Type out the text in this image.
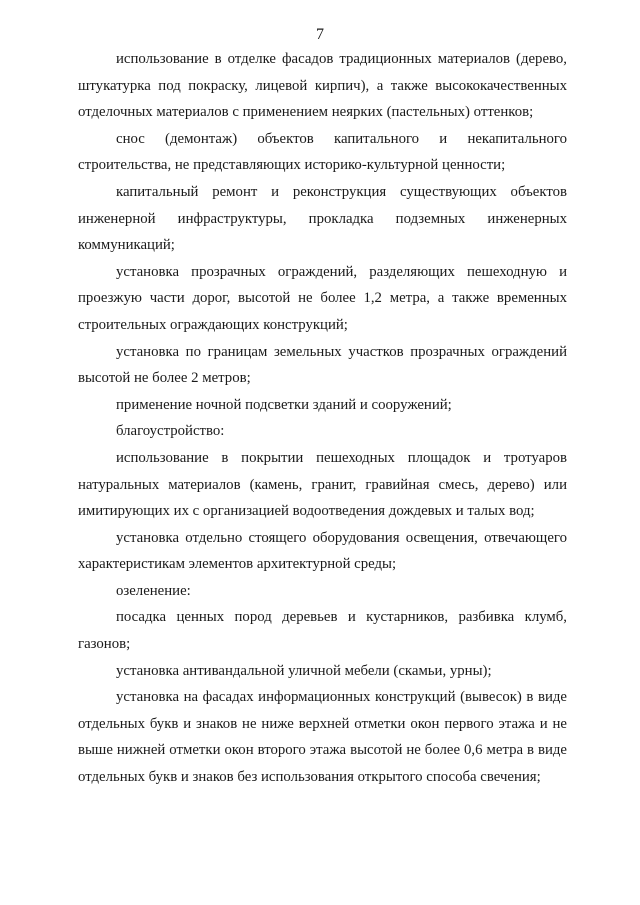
7

использование в отделке фасадов традиционных материалов (дерево, штукатурка под покраску, лицевой кирпич), а также высококачественных отделочных материалов с применением неярких (пастельных) оттенков;

снос (демонтаж) объектов капитального и некапитального строительства, не представляющих историко-культурной ценности;

капитальный ремонт и реконструкция существующих объектов инженерной инфраструктуры, прокладка подземных инженерных коммуникаций;

установка прозрачных ограждений, разделяющих пешеходную и проезжую части дорог, высотой не более 1,2 метра, а также временных строительных ограждающих конструкций;

установка по границам земельных участков прозрачных ограждений высотой не более 2 метров;

применение ночной подсветки зданий и сооружений;

благоустройство:

использование в покрытии пешеходных площадок и тротуаров натуральных материалов (камень, гранит, гравийная смесь, дерево) или имитирующих их с организацией водоотведения дождевых и талых вод;

установка отдельно стоящего оборудования освещения, отвечающего характеристикам элементов архитектурной среды;

озеленение:

посадка ценных пород деревьев и кустарников, разбивка клумб, газонов;

установка антивандальной уличной мебели (скамьи, урны);

установка на фасадах информационных конструкций (вывесок) в виде отдельных букв и знаков не ниже верхней отметки окон первого этажа и не выше нижней отметки окон второго этажа высотой не более 0,6 метра в виде отдельных букв и знаков без использования открытого способа свечения;
